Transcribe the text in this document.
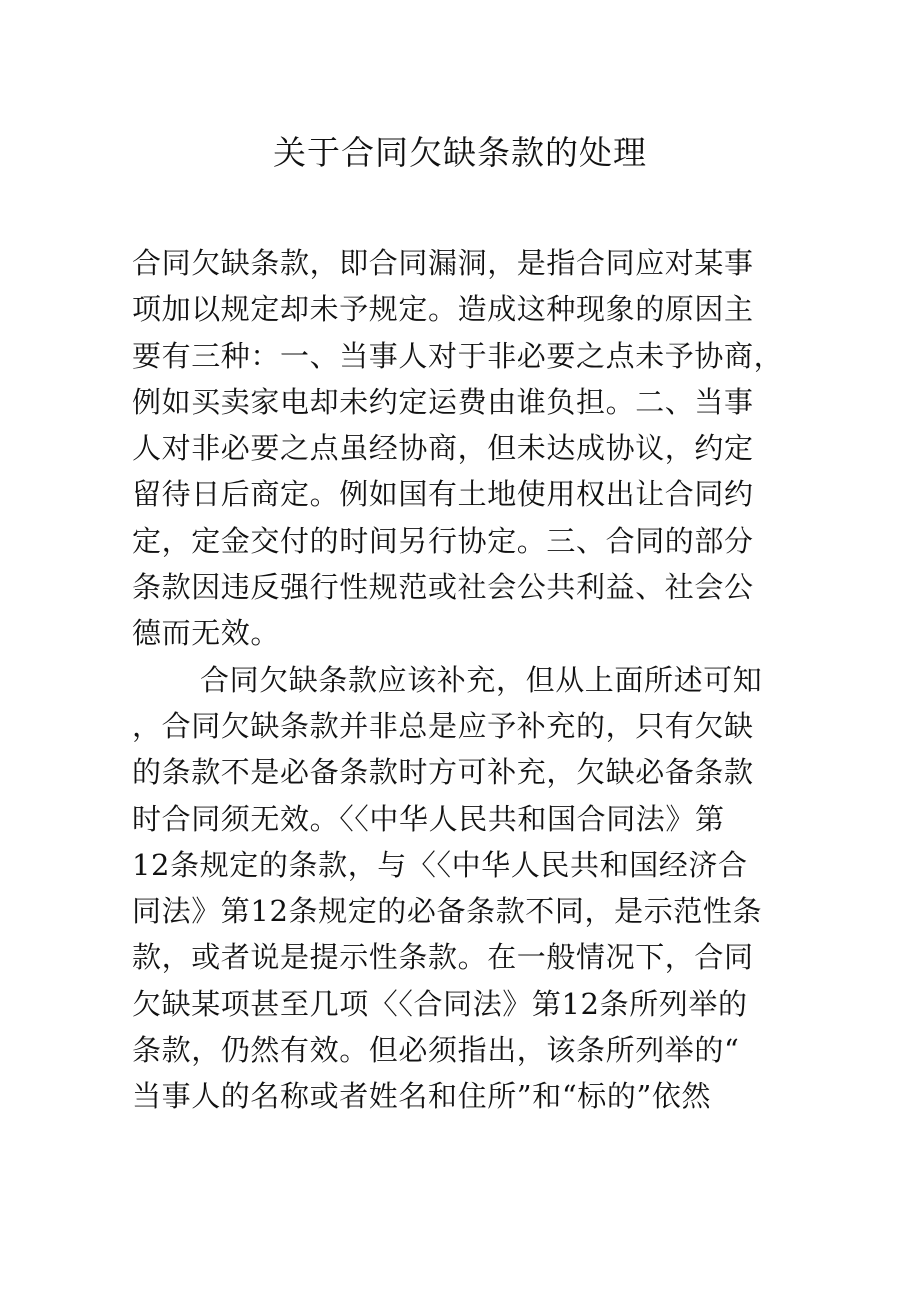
关于合同欠缺条款的处理
合同欠缺条款，即合同漏洞，是指合同应对某事
项加以规定却未予规定。造成这种现象的原因主
要有三种：一、当事人对于非必要之点未予协商，
例如买卖家电却未约定运费由谁负担。二、当事
人对非必要之点虽经协商，但未达成协议，约定
留待日后商定。例如国有土地使用权出让合同约
定，定金交付的时间另行协定。三、合同的部分
条款因违反强行性规范或社会公共利益、社会公
德而无效。
合同欠缺条款应该补充，但从上面所述可知
，合同欠缺条款并非总是应予补充的，只有欠缺
的条款不是必备条款时方可补充，欠缺必备条款
时合同须无效。〈〈中华人民共和国合同法》第
12条规定的条款，与〈〈中华人民共和国经济合
同法》第12条规定的必备条款不同，是示范性条
款，或者说是提示性条款。在一般情况下，合同
欠缺某项甚至几项〈〈合同法》第12条所列举的
条款，仍然有效。但必须指出，该条所列举的“
当事人的名称或者姓名和住所”和“标的”依然
